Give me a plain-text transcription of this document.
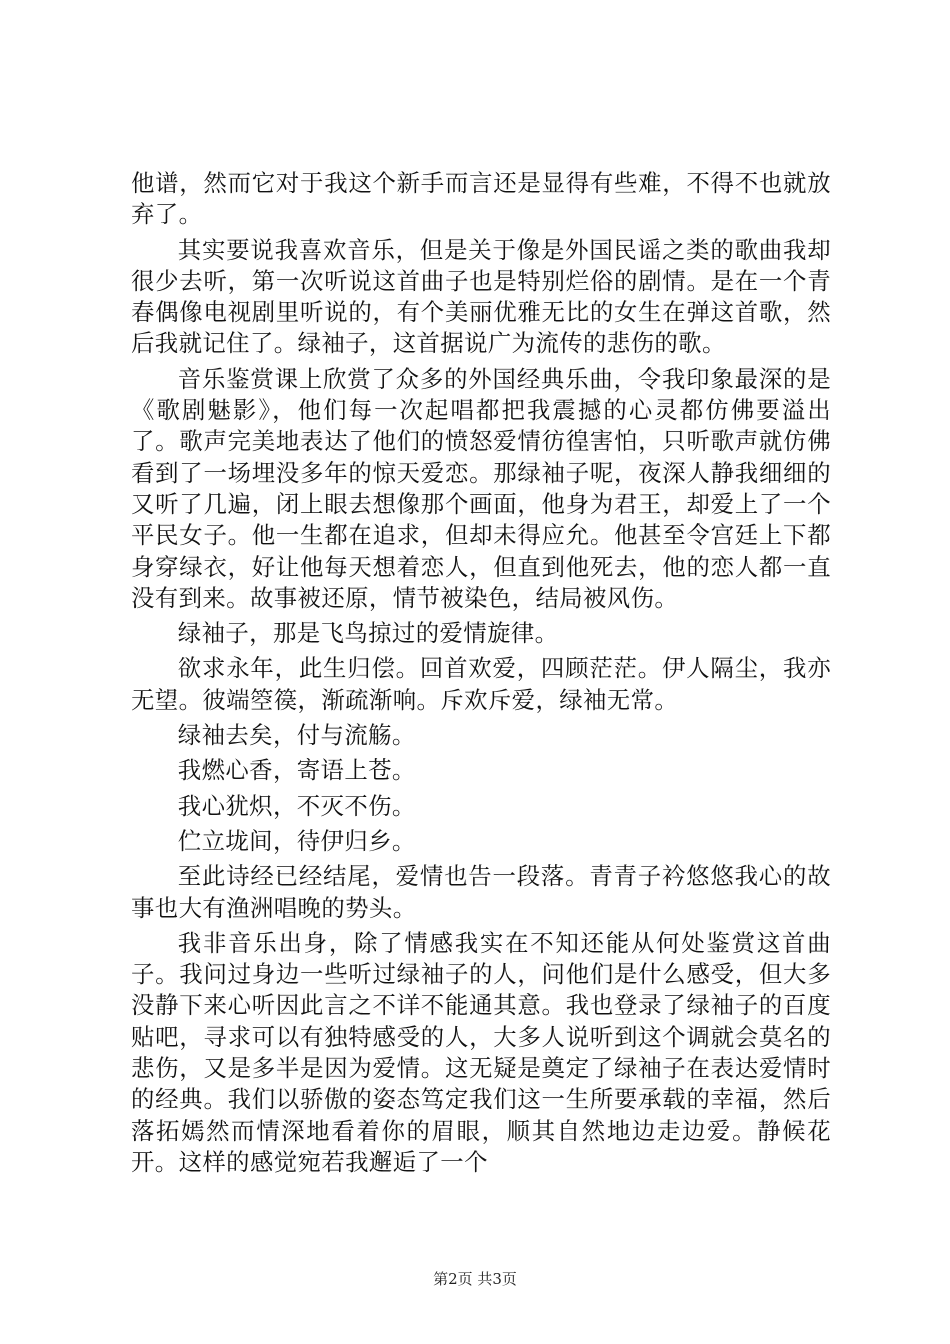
他谱，然而它对于我这个新手而言还是显得有些难，不得不也就放弃了。

其实要说我喜欢音乐，但是关于像是外国民谣之类的歌曲我却很少去听，第一次听说这首曲子也是特别烂俗的剧情。是在一个青春偶像电视剧里听说的，有个美丽优雅无比的女生在弹这首歌，然后我就记住了。绿袖子，这首据说广为流传的悲伤的歌。

音乐鉴赏课上欣赏了众多的外国经典乐曲，令我印象最深的是《歌剧魅影》，他们每一次起唱都把我震撼的心灵都仿佛要溢出了。歌声完美地表达了他们的愤怒爱情彷徨害怕，只听歌声就仿佛看到了一场埋没多年的惊天爱恋。那绿袖子呢，夜深人静我细细的又听了几遍，闭上眼去想像那个画面，他身为君王，却爱上了一个平民女子。他一生都在追求，但却未得应允。他甚至令宫廷上下都身穿绿衣，好让他每天想着恋人，但直到他死去，他的恋人都一直没有到来。故事被还原，情节被染色，结局被风伤。

绿袖子，那是飞鸟掠过的爱情旋律。

欲求永年，此生归偿。回首欢爱，四顾茫茫。伊人隔尘，我亦无望。彼端箜篌，渐疏渐响。斥欢斥爱，绿袖无常。

绿袖去矣，付与流觞。

我燃心香，寄语上苍。

我心犹炽，不灭不伤。

伫立垅间，待伊归乡。

至此诗经已经结尾，爱情也告一段落。青青子衿悠悠我心的故事也大有渔洲唱晚的势头。

我非音乐出身，除了情感我实在不知还能从何处鉴赏这首曲子。我问过身边一些听过绿袖子的人，问他们是什么感受，但大多没静下来心听因此言之不详不能通其意。我也登录了绿袖子的百度贴吧，寻求可以有独特感受的人，大多人说听到这个调就会莫名的悲伤，又是多半是因为爱情。这无疑是奠定了绿袖子在表达爱情时的经典。我们以骄傲的姿态笃定我们这一生所要承载的幸福，然后落拓嫣然而情深地看着你的眉眼，顺其自然地边走边爱。静候花开。这样的感觉宛若我邂逅了一个

第2页 共3页
